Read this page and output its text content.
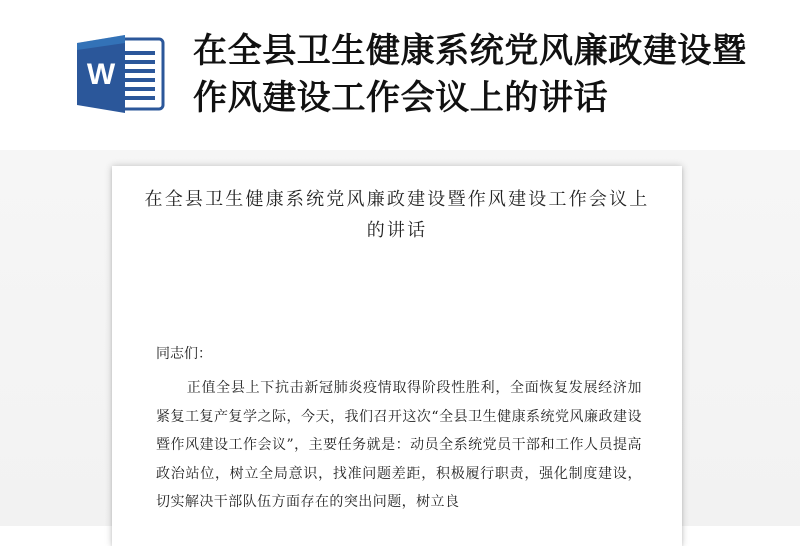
W
在全县卫生健康系统党风廉政建设暨作风建设工作会议上的讲话
在全县卫生健康系统党风廉政建设暨作风建设工作会议上的讲话

同志们：

正值全县上下抗击新冠肺炎疫情取得阶段性胜利，全面恢复发展经济加紧复工复产复学之际，今天，我们召开这次“全县卫生健康系统党风廉政建设暨作风建设工作会议”，主要任务就是：动员全系统党员干部和工作人员提高政治站位，树立全局意识，找准问题差距，积极履行职责，强化制度建设，切实解决干部队伍方面存在的突出问题，树立良
